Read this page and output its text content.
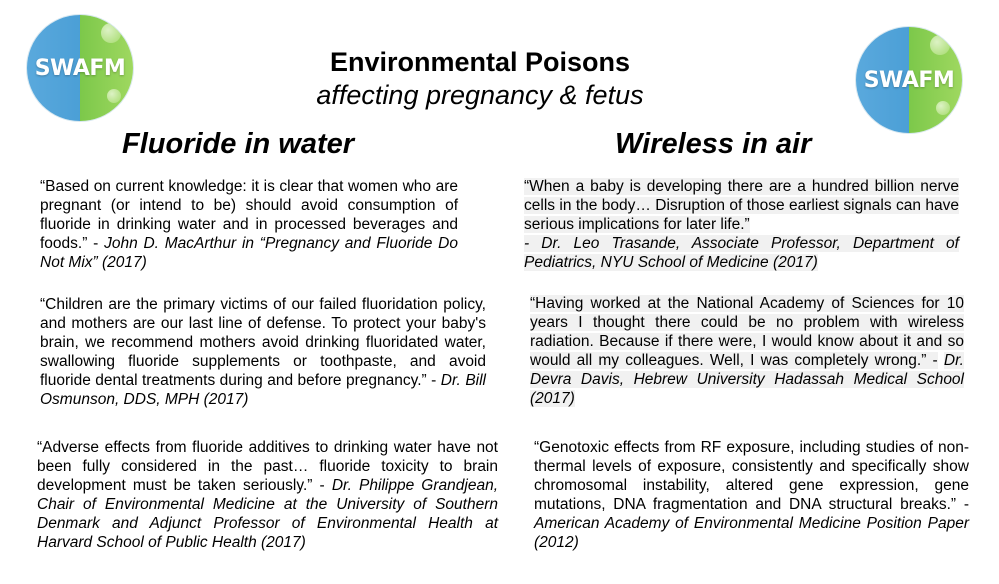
SWAFM	SWAFM
Environmental Poisons
affecting pregnancy & fetus
Fluoride in water	Wireless in air

“Based on current knowledge: it is clear that women who are pregnant (or intend to be) should avoid consumption of fluoride in drinking water and in processed beverages and foods.” - John D. MacArthur in “Pregnancy and Fluoride Do Not Mix” (2017)

“Children are the primary victims of our failed fluoridation policy, and mothers are our last line of defense. To protect your baby's brain, we recommend mothers avoid drinking fluoridated water, swallowing fluoride supplements or toothpaste, and avoid fluoride dental treatments during and before pregnancy.” - Dr. Bill Osmunson, DDS, MPH (2017)

“Adverse effects from fluoride additives to drinking water have not been fully considered in the past… fluoride toxicity to brain development must be taken seriously.” - Dr. Philippe Grandjean, Chair of Environmental Medicine at the University of Southern Denmark and Adjunct Professor of Environmental Health at Harvard School of Public Health (2017)

“When a baby is developing there are a hundred billion nerve cells in the body… Disruption of those earliest signals can have serious implications for later life.”
- Dr. Leo Trasande, Associate Professor, Department of Pediatrics, NYU School of Medicine (2017)

“Having worked at the National Academy of Sciences for 10 years I thought there could be no problem with wireless radiation. Because if there were, I would know about it and so would all my colleagues. Well, I was completely wrong.” - Dr. Devra Davis, Hebrew University Hadassah Medical School (2017)

“Genotoxic effects from RF exposure, including studies of non-thermal levels of exposure, consistently and specifically show chromosomal instability, altered gene expression, gene mutations, DNA fragmentation and DNA structural breaks.” - American Academy of Environmental Medicine Position Paper (2012)
